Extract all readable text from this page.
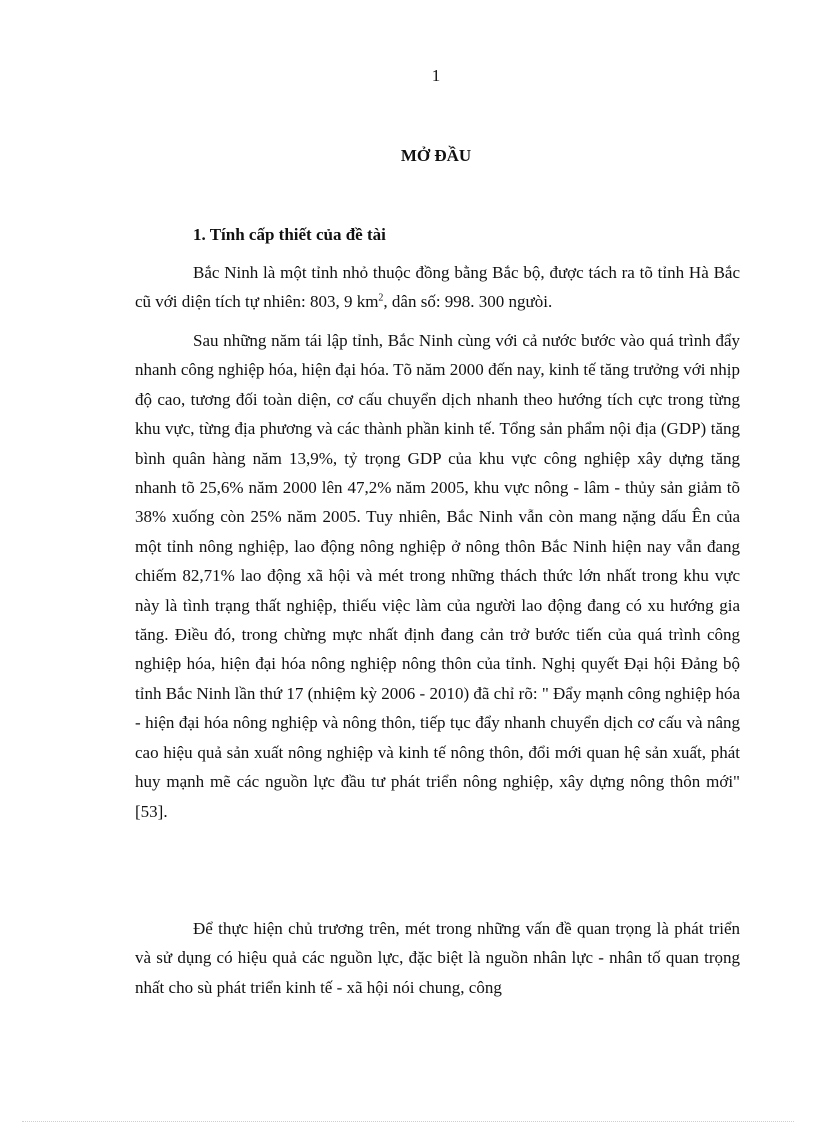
1

MỞ ĐẦU
1. Tính cấp thiết của đề tài

Bắc Ninh là một tỉnh nhỏ thuộc đồng bằng Bắc bộ, được tách ra tõ tỉnh Hà Bắc cũ với diện tích tự nhiên: 803, 9 $km^2$, dân số: 998. 300 ngưòi.

Sau những năm tái lập tỉnh, Bắc Ninh cùng với cả nước bước vào quá trình đẩy nhanh công nghiệp hóa, hiện đại hóa. Tõ năm 2000 đến nay, kinh tế tăng trưởng với nhịp độ cao, tương đối toàn diện, cơ cấu chuyển dịch nhanh theo hướng tích cực trong từng khu vực, từng địa phương và các thành phần kinh tế. Tổng sản phẩm nội địa (GDP) tăng bình quân hàng năm 13,9%, tỷ trọng GDP của khu vực công nghiệp xây dựng tăng nhanh tõ 25,6% năm 2000 lên 47,2% năm 2005, khu vực nông - lâm - thủy sản giảm tõ 38% xuống còn 25% năm 2005. Tuy nhiên, Bắc Ninh vẫn còn mang nặng dấu Ên của một tỉnh nông nghiệp, lao động nông nghiệp ở nông thôn Bắc Ninh hiện nay vẫn đang chiếm 82,71% lao động xã hội và mét trong những thách thức lớn nhất trong khu vực này là tình trạng thất nghiệp, thiếu việc làm của người lao động đang có xu hướng gia tăng. Điều đó, trong chừng mực nhất định đang cản trở bước tiến của quá trình công nghiệp hóa, hiện đại hóa nông nghiệp nông thôn của tỉnh. Nghị quyết Đại hội Đảng bộ tỉnh Bắc Ninh lần thứ 17 (nhiệm kỳ 2006 - 2010) đã chỉ rõ: " Đẩy mạnh công nghiệp hóa - hiện đại hóa nông nghiệp và nông thôn, tiếp tục đẩy nhanh chuyển dịch cơ cấu và nâng cao hiệu quả sản xuất nông nghiệp và kinh tế nông thôn, đổi mới quan hệ sản xuất, phát huy mạnh mẽ các nguồn lực đầu tư phát triển nông nghiệp, xây dựng nông thôn mới" [53].

Để thực hiện chủ trương trên, mét trong những vấn đề quan trọng là phát triển và sử dụng có hiệu quả các nguồn lực, đặc biệt là nguồn nhân lực - nhân tố quan trọng nhất cho sù phát triển kinh tế - xã hội nói chung, công
